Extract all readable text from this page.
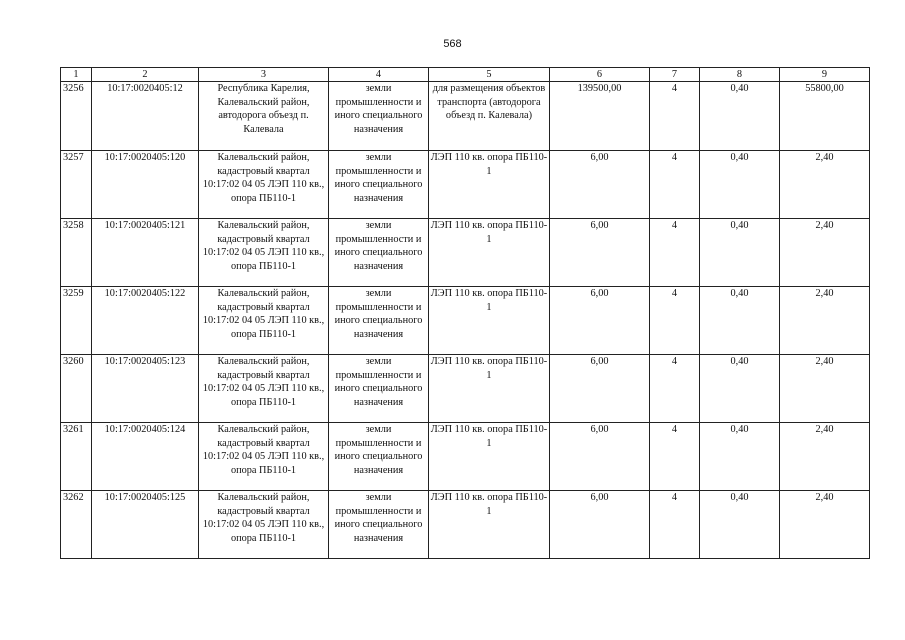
568
1	2	3	4	5	6	7	8	9
3256	10:17:0020405:12	Республика Карелия, Калевальский район, автодорога объезд п. Калевала	земли промышленности и иного специального назначения	для размещения объектов транспорта (автодорога объезд п. Калевала)	139500,00	4	0,40	55800,00
3257	10:17:0020405:120	Калевальский район, кадастровый квартал 10:17:02 04 05 ЛЭП 110 кв., опора ПБ110-1	земли промышленности и иного специального назначения	ЛЭП 110 кв. опора ПБ110-1	6,00	4	0,40	2,40
3258	10:17:0020405:121	Калевальский район, кадастровый квартал 10:17:02 04 05 ЛЭП 110 кв., опора ПБ110-1	земли промышленности и иного специального назначения	ЛЭП 110 кв. опора ПБ110-1	6,00	4	0,40	2,40
3259	10:17:0020405:122	Калевальский район, кадастровый квартал 10:17:02 04 05 ЛЭП 110 кв., опора ПБ110-1	земли промышленности и иного специального назначения	ЛЭП 110 кв. опора ПБ110-1	6,00	4	0,40	2,40
3260	10:17:0020405:123	Калевальский район, кадастровый квартал 10:17:02 04 05 ЛЭП 110 кв., опора ПБ110-1	земли промышленности и иного специального назначения	ЛЭП 110 кв. опора ПБ110-1	6,00	4	0,40	2,40
3261	10:17:0020405:124	Калевальский район, кадастровый квартал 10:17:02 04 05 ЛЭП 110 кв., опора ПБ110-1	земли промышленности и иного специального назначения	ЛЭП 110 кв. опора ПБ110-1	6,00	4	0,40	2,40
3262	10:17:0020405:125	Калевальский район, кадастровый квартал 10:17:02 04 05 ЛЭП 110 кв., опора ПБ110-1	земли промышленности и иного специального назначения	ЛЭП 110 кв. опора ПБ110-1	6,00	4	0,40	2,40
